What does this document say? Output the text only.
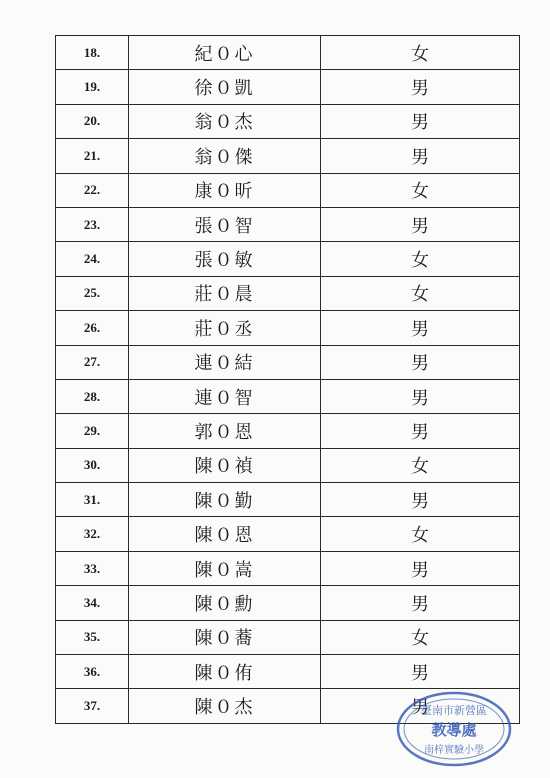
18.	紀０心	女
19.	徐０凱	男
20.	翁０杰	男
21.	翁０傑	男
22.	康０昕	女
23.	張０智	男
24.	張０敏	女
25.	莊０晨	女
26.	莊０丞	男
27.	連０結	男
28.	連０智	男
29.	郭０恩	男
30.	陳０禎	女
31.	陳０勤	男
32.	陳０恩	女
33.	陳０嵩	男
34.	陳０勳	男
35.	陳０蕎	女
36.	陳０侑	男
37.	陳０杰	男
臺南市新營區
教導處
南梓實驗小學
